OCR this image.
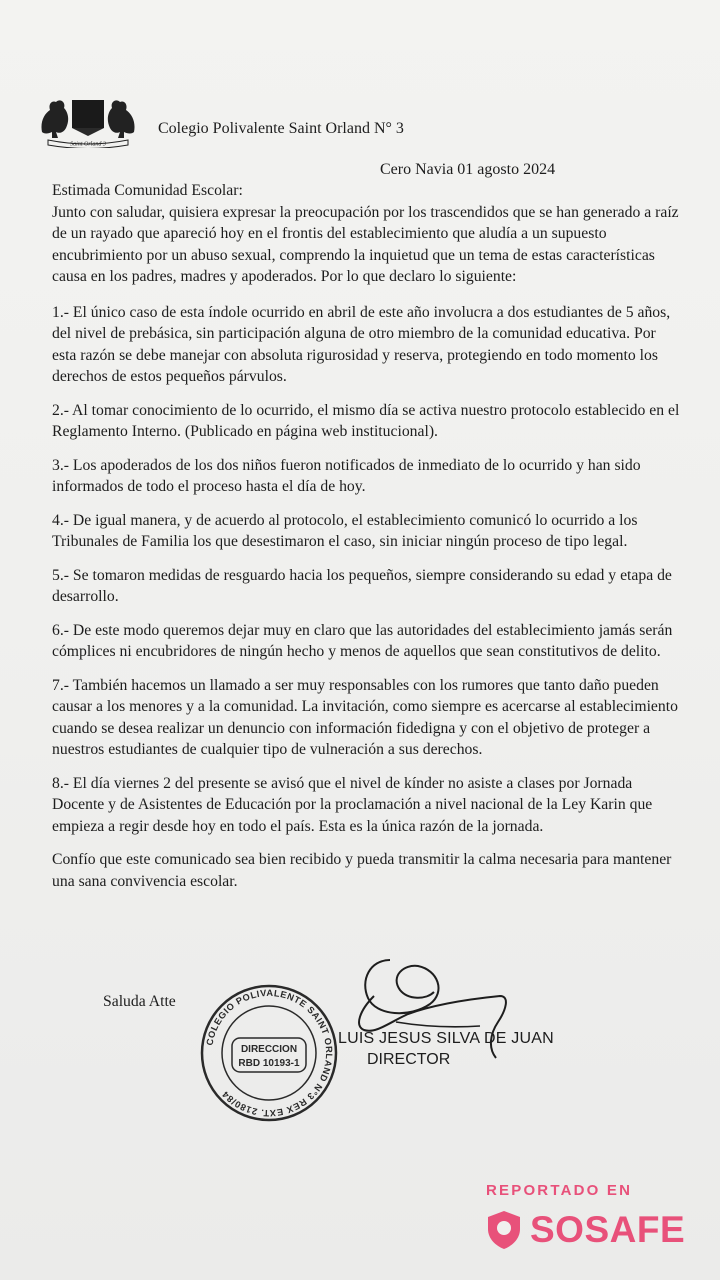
Saint Orland 3
Colegio Polivalente Saint Orland N° 3
Cero Navia 01 agosto 2024

Estimada Comunidad Escolar:

Junto con saludar, quisiera expresar la preocupación por los trascendidos que se han generado a raíz de un rayado que apareció hoy en el frontis del establecimiento que aludía a un supuesto encubrimiento por un abuso sexual, comprendo la inquietud que un tema de estas características causa en los padres, madres y apoderados. Por lo que declaro lo siguiente:

1.- El único caso de esta índole ocurrido en abril de este año involucra a dos estudiantes de 5 años, del nivel de prebásica, sin participación alguna de otro miembro de la comunidad educativa. Por esta razón se debe manejar con absoluta rigurosidad y reserva, protegiendo en todo momento los derechos de estos pequeños párvulos.

2.- Al tomar conocimiento de lo ocurrido, el mismo día se activa nuestro protocolo establecido en el Reglamento Interno. (Publicado en página web institucional).

3.- Los apoderados de los dos niños fueron notificados de inmediato de lo ocurrido y han sido informados de todo el proceso hasta el día de hoy.

4.- De igual manera, y de acuerdo al protocolo, el establecimiento comunicó lo ocurrido a los Tribunales de Familia los que desestimaron el caso, sin iniciar ningún proceso de tipo legal.

5.- Se tomaron medidas de resguardo hacia los pequeños, siempre considerando su edad y etapa de desarrollo.

6.- De este modo queremos dejar muy en claro que las autoridades del establecimiento jamás serán cómplices ni encubridores de ningún hecho y menos de aquellos que sean constitutivos de delito.

7.- También hacemos un llamado a ser muy responsables con los rumores que tanto daño pueden causar a los menores y a la comunidad. La invitación, como siempre es acercarse al establecimiento cuando se desea realizar un denuncio con información fidedigna y con el objetivo de proteger a nuestros estudiantes de cualquier tipo de vulneración a sus derechos.

8.- El día viernes 2 del presente se avisó que el nivel de kínder no asiste a clases por Jornada Docente y de Asistentes de Educación por la proclamación a nivel nacional de la Ley Karin que empieza a regir desde hoy en todo el país. Esta es la única razón de la jornada.

Confío que este comunicado sea bien recibido y pueda transmitir la calma necesaria para mantener una sana convivencia escolar.

Saluda Atte
COLEGIO POLIVALENTE SAINT ORLAND N°3 REX EXT. 2180/84
DIRECCION
RBD 10193-1
LUIS JESUS SILVA DE JUAN
DIRECTOR
REPORTADO EN
SOSAFE
